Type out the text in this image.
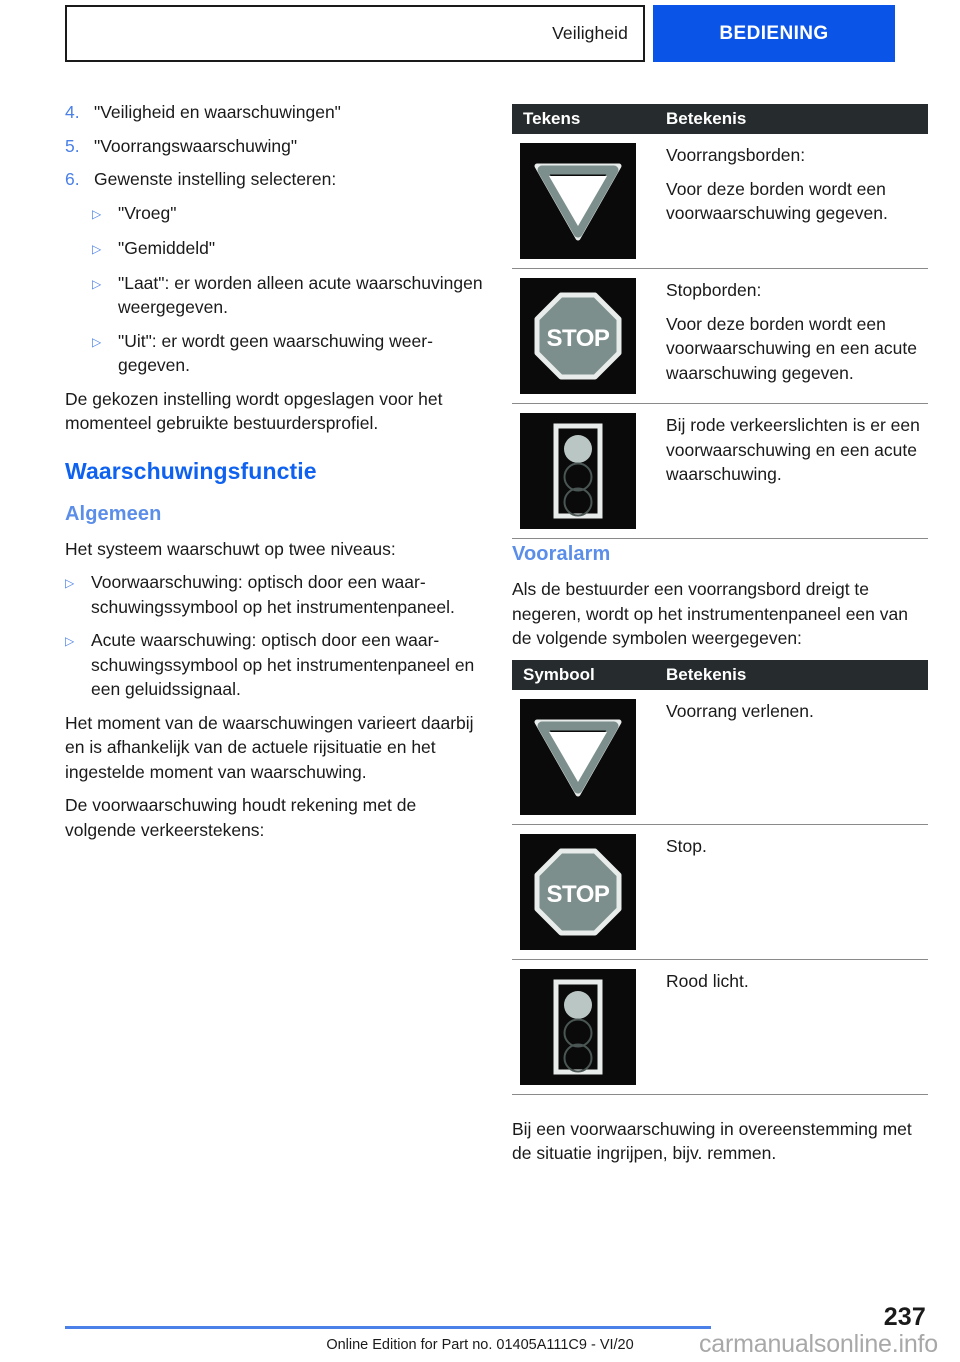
Veiligheid	BEDIENING
4. "Veiligheid en waarschuwingen"
5. "Voorrangswaarschuwing"
6. Gewenste instelling selecteren:
▷ "Vroeg"
▷ "Gemiddeld"
▷ "Laat": er worden alleen acute waarschuvingen weergegeven.
▷ "Uit": er wordt geen waarschuwing weergegeven.

De gekozen instelling wordt opgeslagen voor het momenteel gebruikte bestuurdersprofiel.

Waarschuwingsfunctie
Algemeen

Het systeem waarschuwt op twee niveaus:

▷ Voorwaarschuwing: optisch door een waarschuwingssymbool op het instrumentenpaneel.
▷ Acute waarschuwing: optisch door een waarschuwingssymbool op het instrumentenpaneel en een geluidssignaal.

Het moment van de waarschuwingen varieert daarbij en is afhankelijk van de actuele rijsituatie en het ingestelde moment van waarschuwing.

De voorwaarschuwing houdt rekening met de volgende verkeerstekens:

Tekens	Betekenis
Voorrangsborden:
Voor deze borden wordt een voorwaarschuwing gegeven.
STOP
Stopborden:
Voor deze borden wordt een voorwaarschuwing en een acute waarschuwing gegeven.
Bij rode verkeerslichten is er een voorwaarschuwing en een acute waarschuwing.
Vooralarm

Als de bestuurder een voorrangsbord dreigt te negeren, wordt op het instrumentenpaneel een van de volgende symbolen weergegeven:

Symbool	Betekenis
Voorrang verlenen.
STOP
Stop.
Rood licht.

Bij een voorwaarschuwing in overeenstemming met de situatie ingrijpen, bijv. remmen.

237
Online Edition for Part no. 01405A111C9 - VI/20	carmanualsonline.info
